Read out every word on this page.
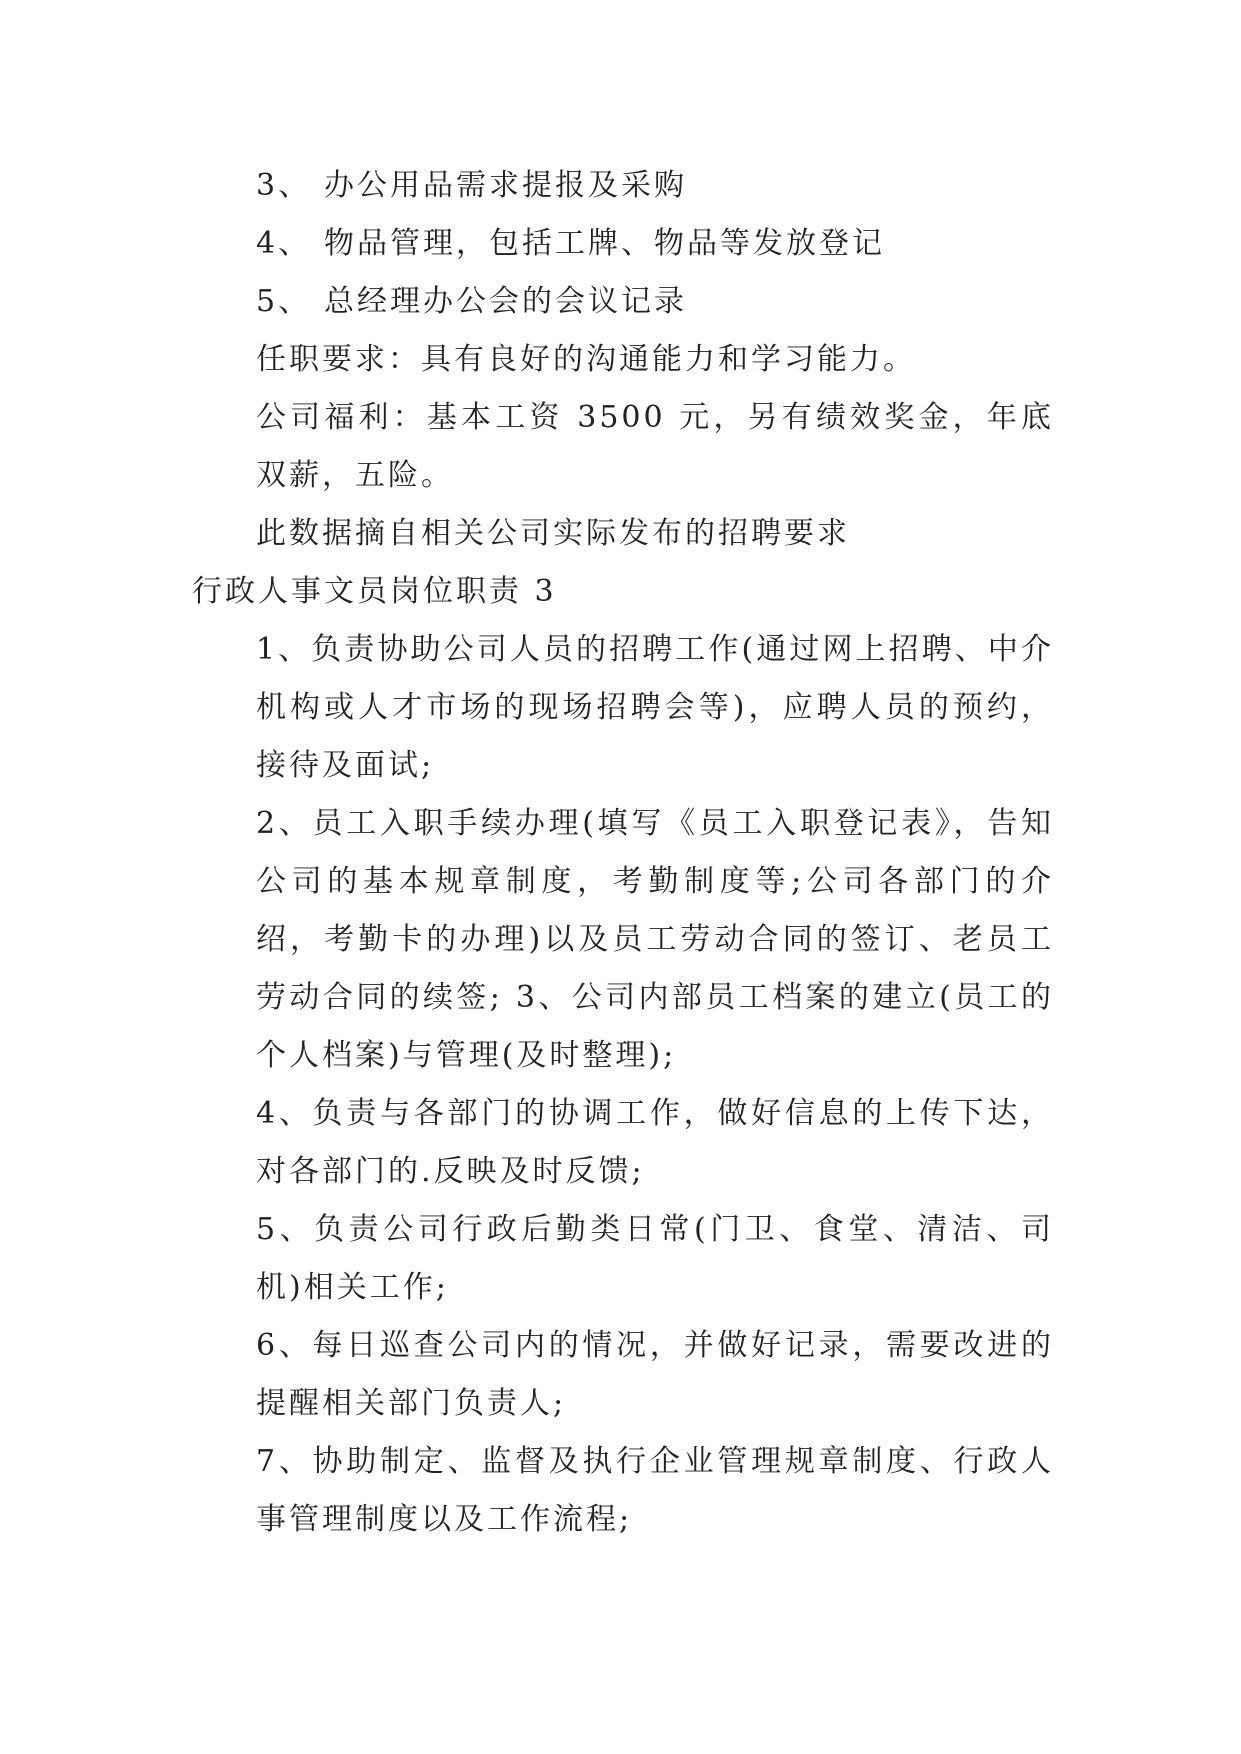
3、 办公用品需求提报及采购

4、 物品管理，包括工牌、物品等发放登记

5、 总经理办公会的会议记录

任职要求：具有良好的沟通能力和学习能力。

公司福利：基本工资 3500 元，另有绩效奖金，年底双薪，五险。

此数据摘自相关公司实际发布的招聘要求

行政人事文员岗位职责 3

1、负责协助公司人员的招聘工作(通过网上招聘、中介机构或人才市场的现场招聘会等)，应聘人员的预约，接待及面试;

2、员工入职手续办理(填写《员工入职登记表》，告知公司的基本规章制度，考勤制度等;公司各部门的介绍，考勤卡的办理)以及员工劳动合同的签订、老员工劳动合同的续签; 3、公司内部员工档案的建立(员工的个人档案)与管理(及时整理);

4、负责与各部门的协调工作，做好信息的上传下达，对各部门的.反映及时反馈;

5、负责公司行政后勤类日常(门卫、食堂、清洁、司机)相关工作;

6、每日巡查公司内的情况，并做好记录，需要改进的提醒相关部门负责人;

7、协助制定、监督及执行企业管理规章制度、行政人事管理制度以及工作流程;
